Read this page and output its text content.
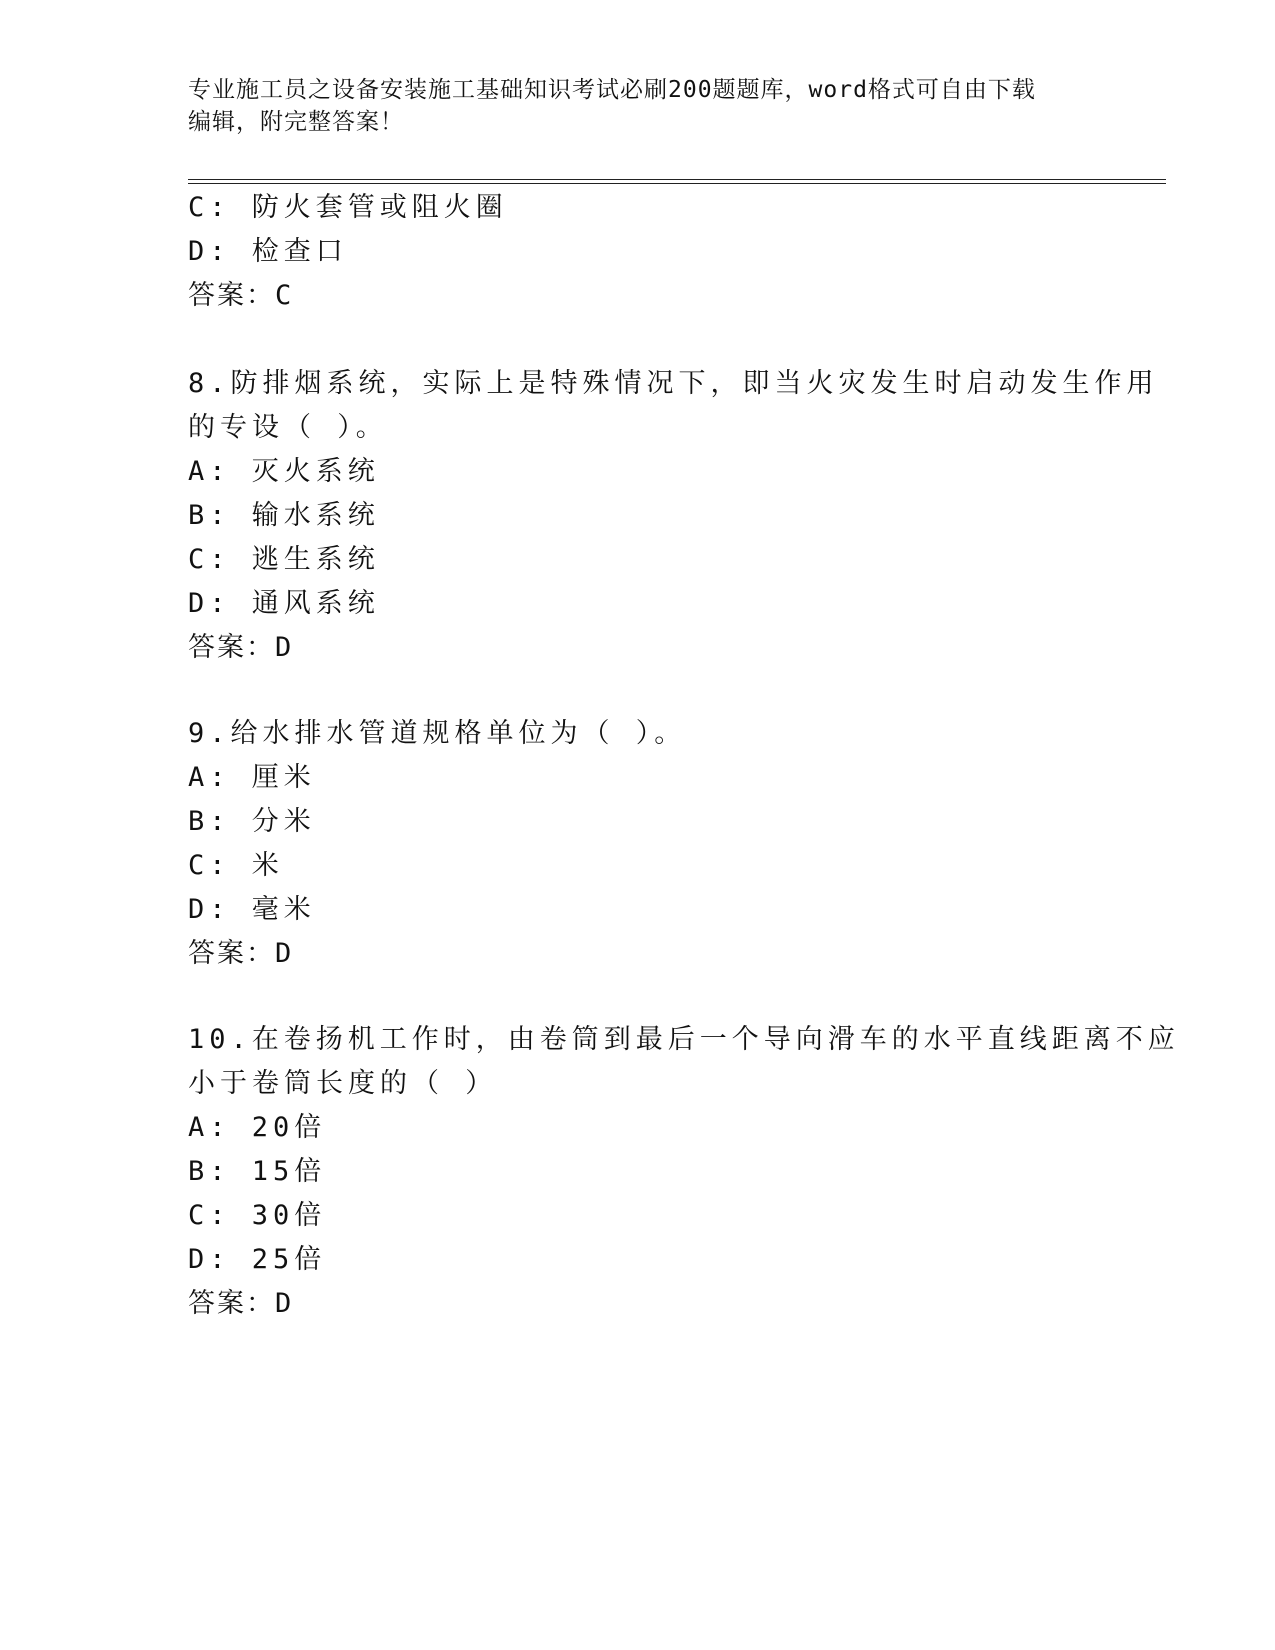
专业施工员之设备安装施工基础知识考试必刷200题题库，word格式可自由下载
编辑，附完整答案！
C: 防火套管或阻火圈
D: 检查口
答案：C
8.防排烟系统，实际上是特殊情况下，即当火灾发生时启动发生作用
的专设（ ）。
A: 灭火系统
B: 输水系统
C: 逃生系统
D: 通风系统
答案：D
9.给水排水管道规格单位为（ ）。
A: 厘米
B: 分米
C: 米
D: 毫米
答案：D
10.在卷扬机工作时，由卷筒到最后一个导向滑车的水平直线距离不应
小于卷筒长度的（ ）
A: 20倍
B: 15倍
C: 30倍
D: 25倍
答案：D
